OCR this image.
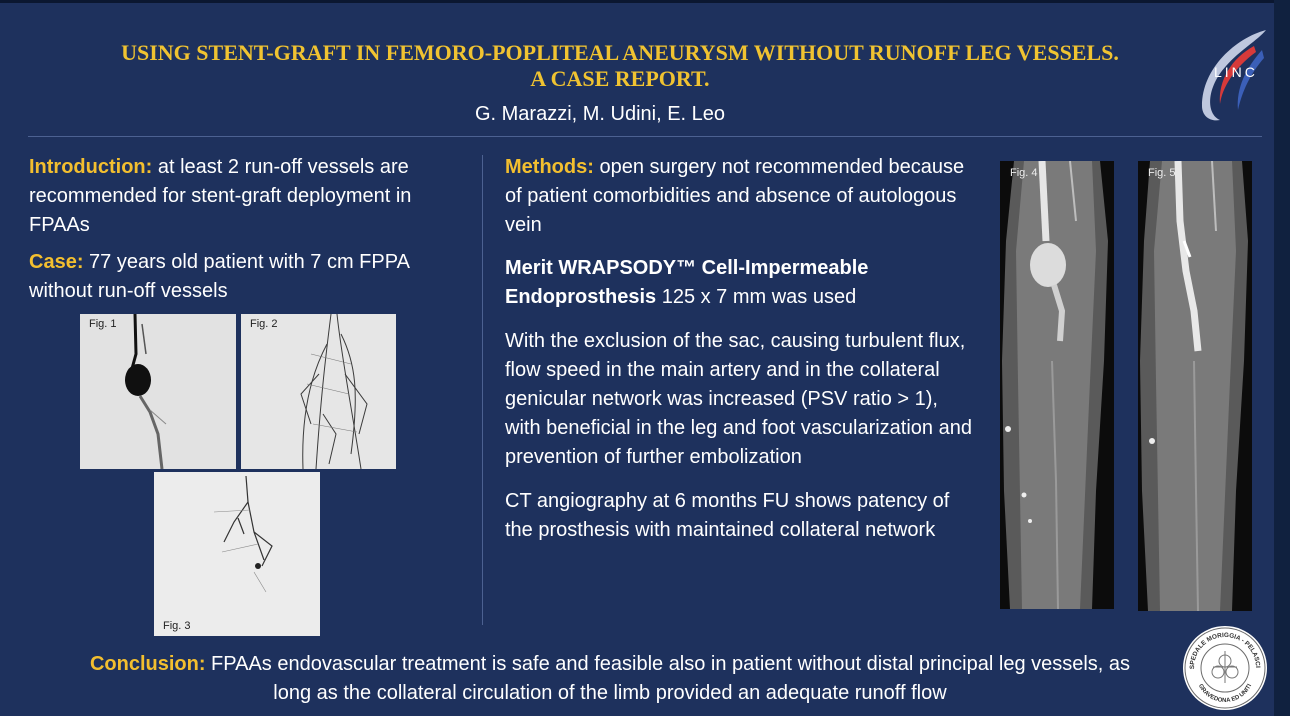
USING STENT-GRAFT IN FEMORO-POPLITEAL ANEURYSM WITHOUT RUNOFF LEG VESSELS.
A CASE REPORT.
G. Marazzi, M. Udini, E. Leo
LINC

Introduction: at least 2 run-off vessels are recommended for stent-graft deployment in FPAAs

Case: 77 years old patient with 7 cm FPPA without run-off vessels

Fig. 1	Fig. 2
Fig. 3

Methods: open surgery not recommended because of patient comorbidities and absence of autologous vein

Merit WRAPSODY™ Cell-Impermeable Endoprosthesis 125 x 7 mm was used

With the exclusion of the sac, causing turbulent flux, flow speed in the main artery and in the collateral genicular network was increased (PSV ratio > 1), with beneficial in the leg and foot vascularization and prevention of further embolization

CT angiography at 6 months FU shows patency of the prosthesis with maintained collateral network

Fig. 4	Fig. 5
Conclusion: FPAAs endovascular treatment is safe and feasible also in patient without distal principal leg vessels, as long as the collateral circulation of the limb provided an adequate runoff flow
SPEDALE MORIGGIA - PELASCI
GRAVEDONA ED UNITI
